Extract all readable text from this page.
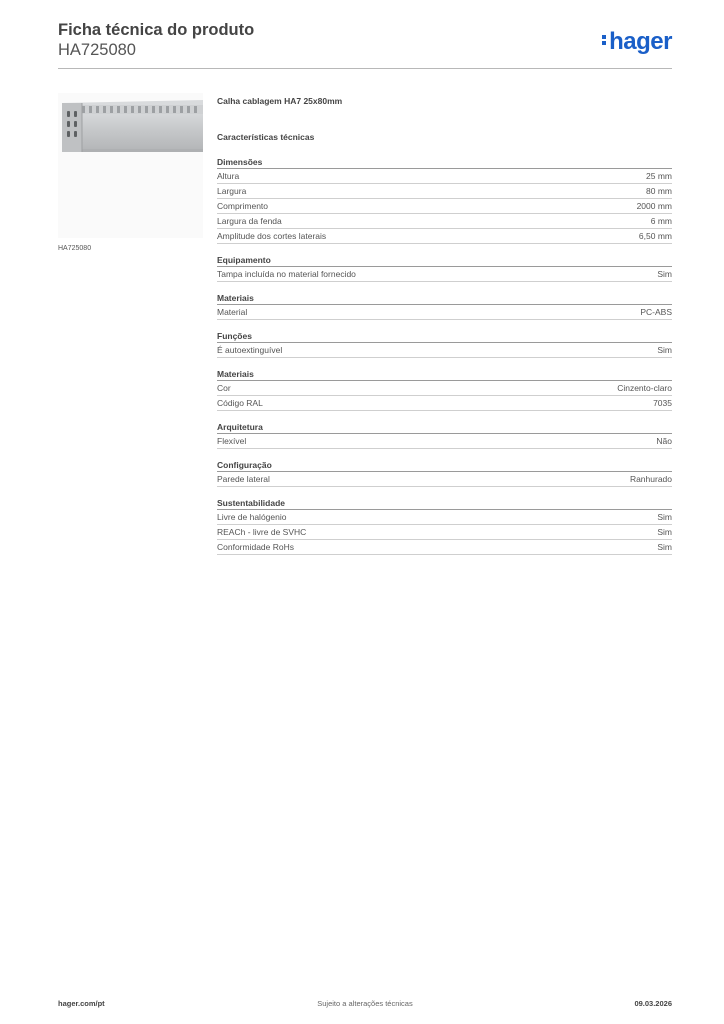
Ficha técnica do produto
HA725080	hager
HA725080
Calha cablagem HA7 25x80mm
Características técnicas
Dimensões
Altura	25 mm
Largura	80 mm
Comprimento	2000 mm
Largura da fenda	6 mm
Amplitude dos cortes laterais	6,50 mm
Equipamento
Tampa incluída no material fornecido	Sim
Materiais
Material	PC-ABS
Funções
É autoextinguível	Sim
Materiais
Cor	Cinzento-claro
Código RAL	7035
Arquitetura
Flexível	Não
Configuração
Parede lateral	Ranhurado
Sustentabilidade
Livre de halógenio	Sim
REACh - livre de SVHC	Sim
Conformidade RoHs	Sim
hager.com/pt	Sujeito a alterações técnicas	09.03.2026
